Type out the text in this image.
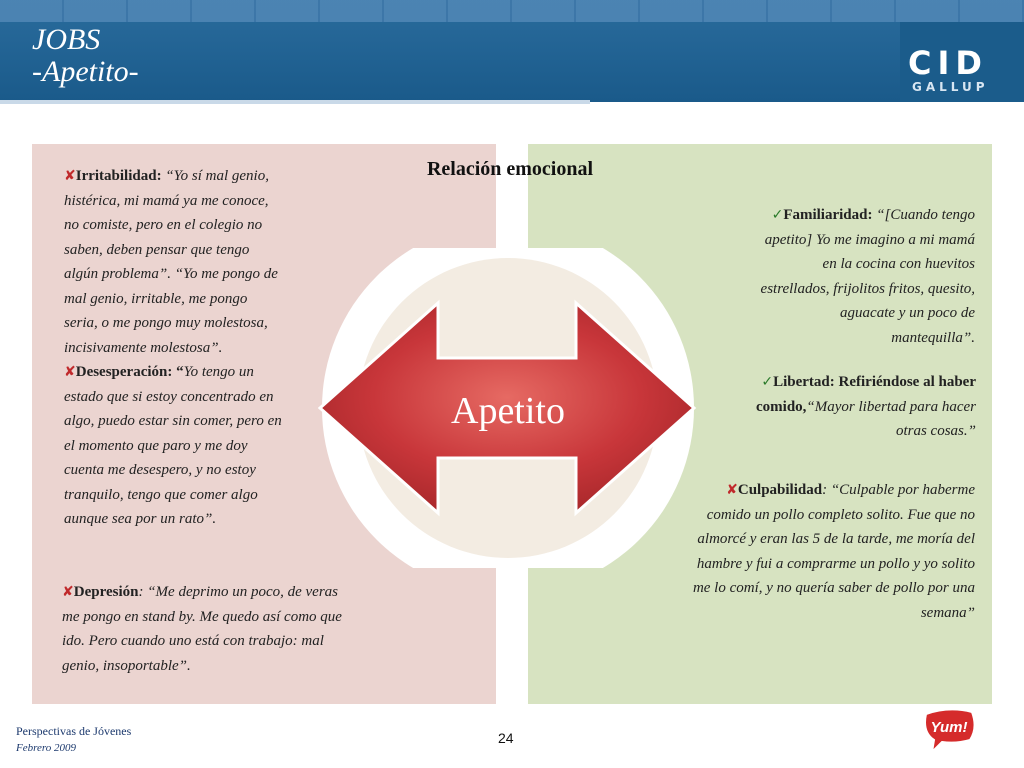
JOBS
-Apetito-	CID
GALLUP
Relación emocional
Apetito
✘Irritabilidad: “Yo sí mal genio, histérica, mi mamá ya me conoce, no comiste, pero en el colegio no saben, deben pensar que tengo algún problema”. “Yo me pongo de mal genio, irritable, me pongo seria, o me pongo muy molestosa, incisivamente molestosa”.
✘Desesperación: “Yo tengo un estado que si estoy concentrado en algo, puedo estar sin comer, pero en el momento que paro y me doy cuenta me desespero, y no estoy tranquilo, tengo que comer algo aunque sea por un rato”.
✘Depresión: “Me deprimo un poco, de veras me pongo en stand by. Me quedo así como que ido. Pero cuando uno está con trabajo: mal genio, insoportable”.
✓Familiaridad: “[Cuando tengo apetito] Yo me imagino a mi mamá en la cocina con huevitos estrellados, frijolitos fritos, quesito, aguacate y un poco de mantequilla”.
✓Libertad: Refiriéndose al haber comido,“Mayor libertad para hacer otras cosas.”
✘Culpabilidad: “Culpable por haberme comido un pollo completo solito. Fue que no almorcé y eran las 5 de la tarde, me moría del hambre y fui a comprarme un pollo y yo solito me lo comí, y no quería saber de pollo por una semana”
Perspectivas de Jóvenes
Febrero 2009
24
Yum!
